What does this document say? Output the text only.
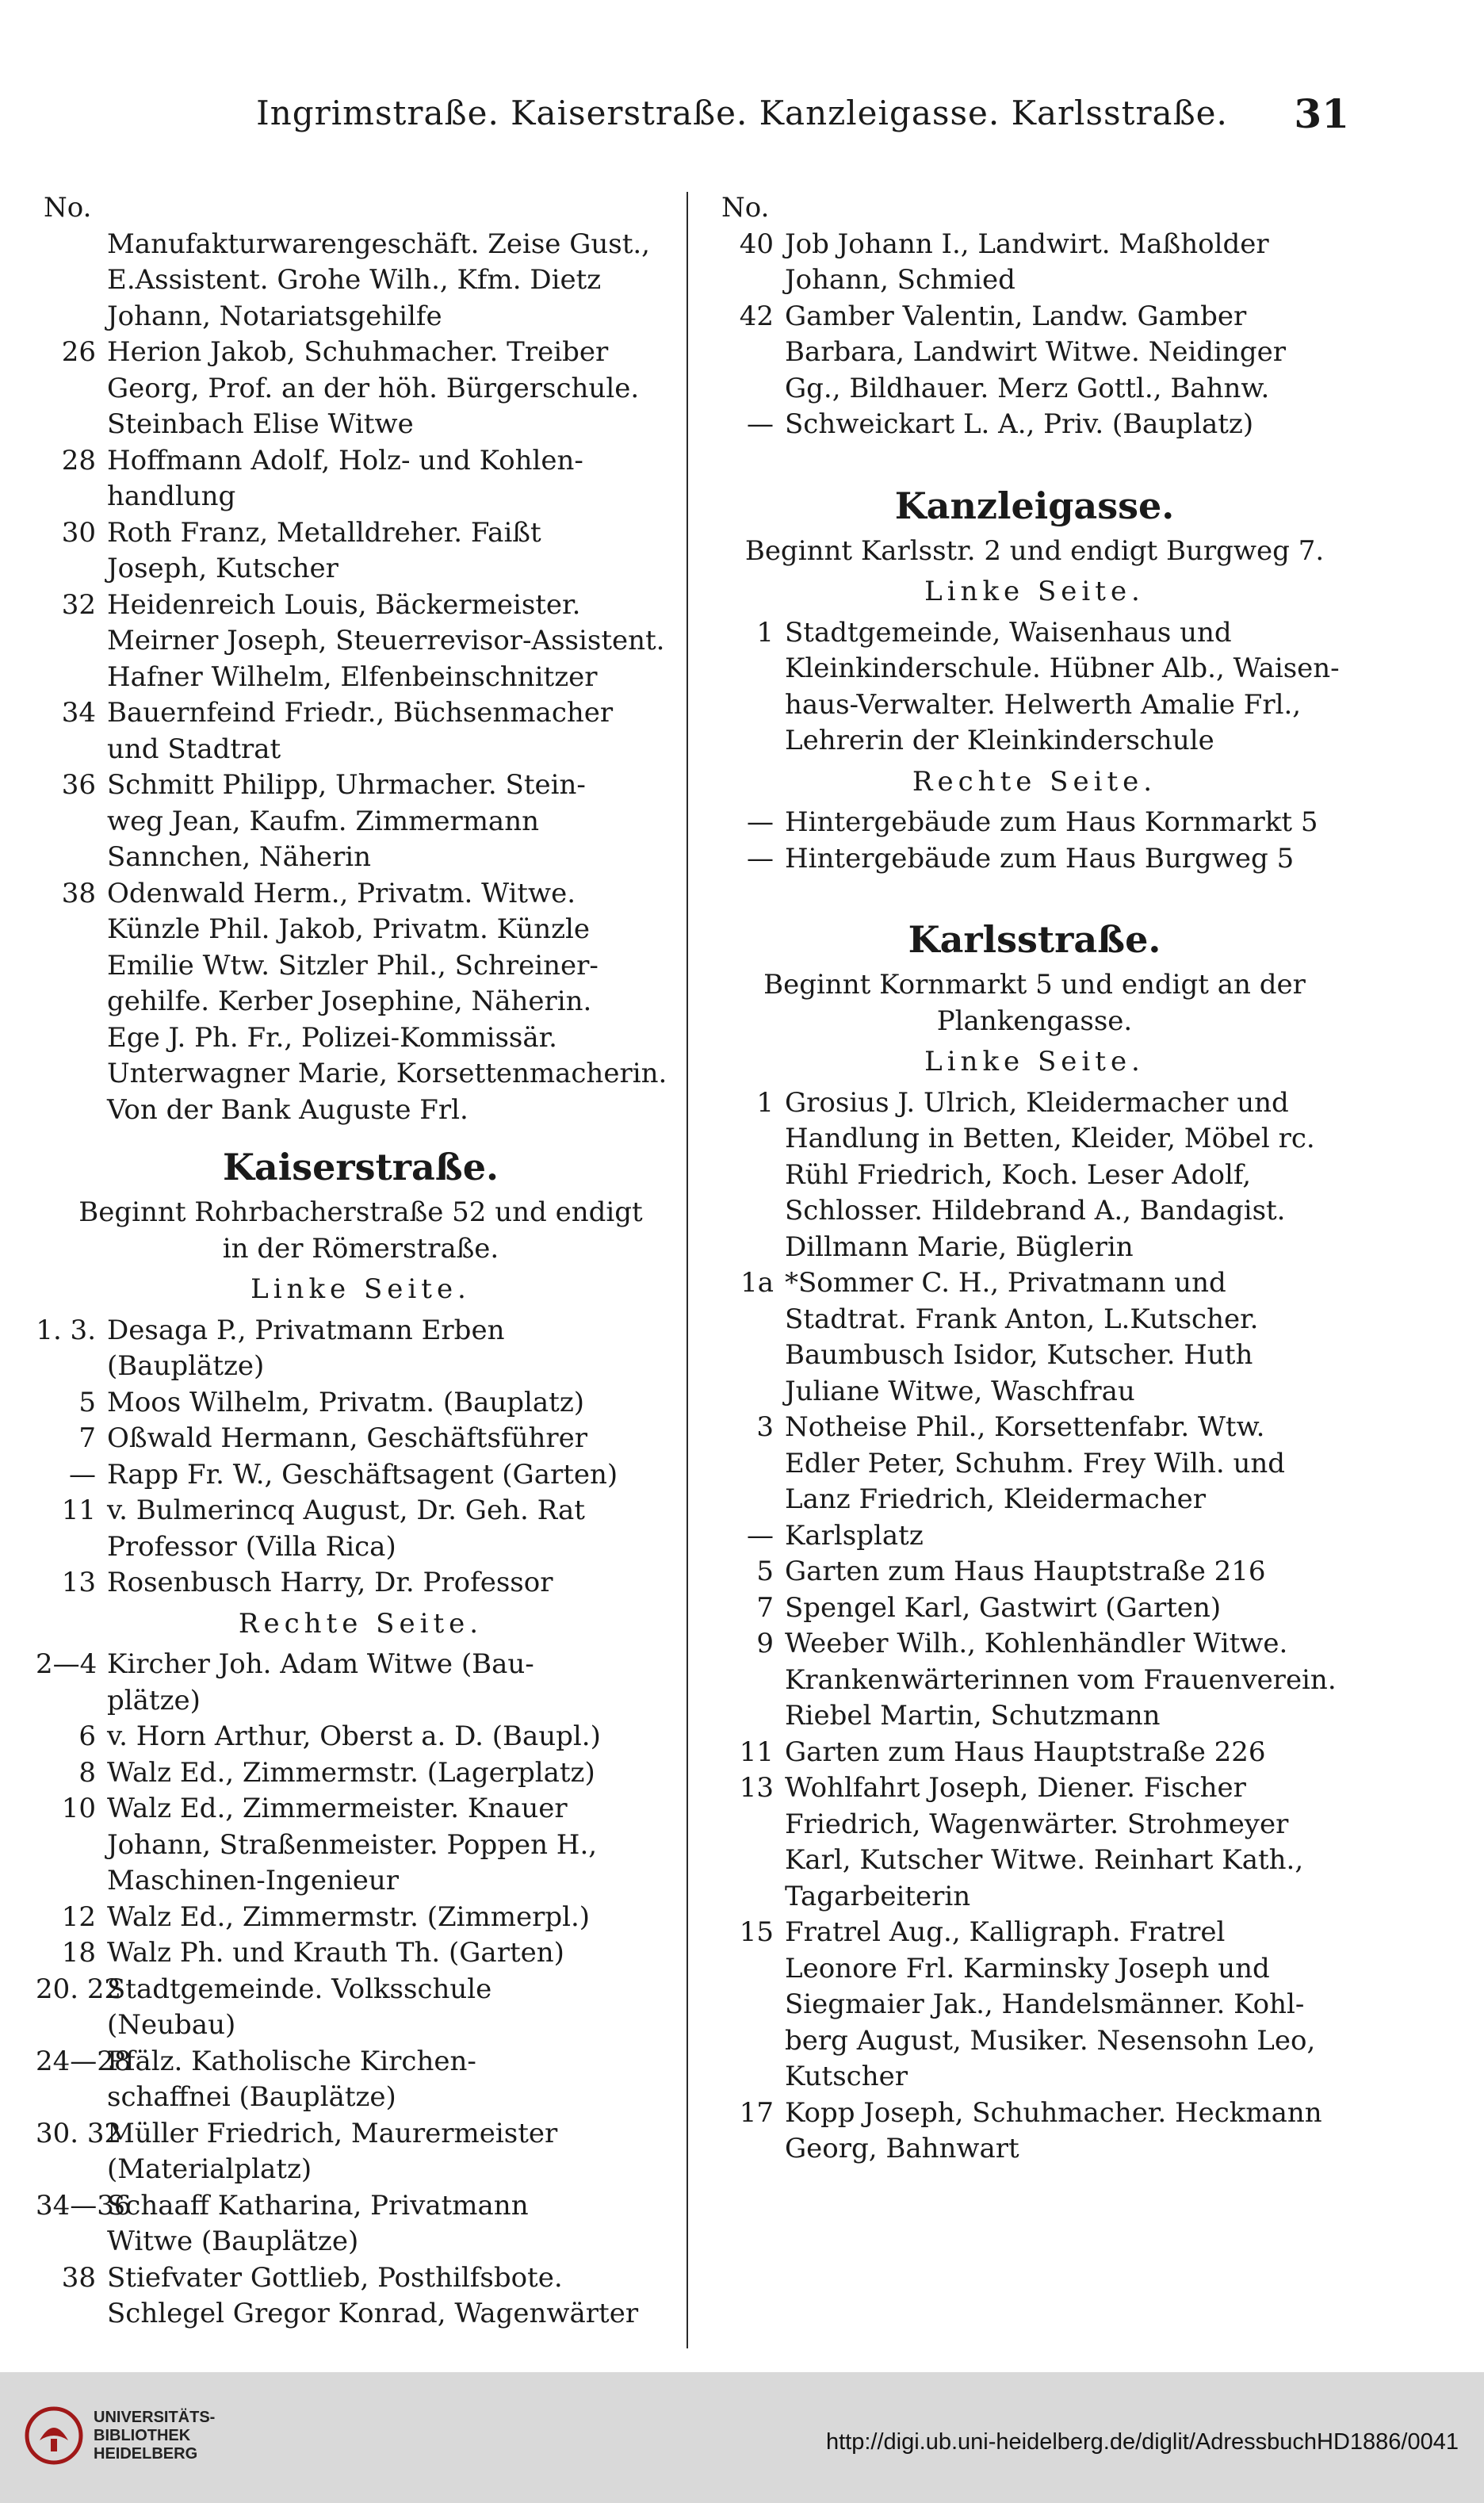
Ingrimstraße. Kaiserstraße. Kanzleigasse. Karlsstraße.	31
No.
Manufakturwarengeschäft. Zeise Gust.,
E.Assistent. Grohe Wilh., Kfm. Dietz
Johann, Notariatsgehilfe
26 Herion Jakob, Schuhmacher. Treiber
Georg, Prof. an der höh. Bürgerschule.
Steinbach Elise Witwe
28 Hoffmann Adolf, Holz- und Kohlen-
handlung
30 Roth Franz, Metalldreher. Faißt
Joseph, Kutscher
32 Heidenreich Louis, Bäckermeister.
Meirner Joseph, Steuerrevisor-Assistent.
Hafner Wilhelm, Elfenbeinschnitzer
34 Bauernfeind Friedr., Büchsenmacher
und Stadtrat
36 Schmitt Philipp, Uhrmacher. Stein-
weg Jean, Kaufm. Zimmermann
Sannchen, Näherin
38 Odenwald Herm., Privatm. Witwe.
Künzle Phil. Jakob, Privatm. Künzle
Emilie Wtw. Sitzler Phil., Schreiner-
gehilfe. Kerber Josephine, Näherin.
Ege J. Ph. Fr., Polizei-Kommissär.
Unterwagner Marie, Korsettenmacherin.
Von der Bank Auguste Frl.
Kaiserstraße.
Beginnt Rohrbacherstraße 52 und endigt
in der Römerstraße.
Linke Seite.
1. 3. Desaga P., Privatmann Erben
(Bauplätze)
5 Moos Wilhelm, Privatm. (Bauplatz)
7 Oßwald Hermann, Geschäftsführer
— Rapp Fr. W., Geschäftsagent (Garten)
11 v. Bulmerincq August, Dr. Geh. Rat
Professor (Villa Rica)
13 Rosenbusch Harry, Dr. Professor
Rechte Seite.
2—4 Kircher Joh. Adam Witwe (Bau-
plätze)
6 v. Horn Arthur, Oberst a. D. (Baupl.)
8 Walz Ed., Zimmermstr. (Lagerplatz)
10 Walz Ed., Zimmermeister. Knauer
Johann, Straßenmeister. Poppen H.,
Maschinen-Ingenieur
12 Walz Ed., Zimmermstr. (Zimmerpl.)
18 Walz Ph. und Krauth Th. (Garten)
20. 22
Stadtgemeinde. Volksschule
(Neubau)
24—28
Pfälz. Katholische Kirchen-
schaffnei (Bauplätze)
30. 32
Müller Friedrich, Maurermeister
(Materialplatz)
34—36
Schaaff Katharina, Privatmann
Witwe (Bauplätze)
38 Stiefvater Gottlieb, Posthilfsbote.
Schlegel Gregor Konrad, Wagenwärter
No.
40 Job Johann I., Landwirt. Maßholder
Johann, Schmied
42 Gamber Valentin, Landw. Gamber
Barbara, Landwirt Witwe. Neidinger
Gg., Bildhauer. Merz Gottl., Bahnw.
— Schweickart L. A., Priv. (Bauplatz)
Kanzleigasse.
Beginnt Karlsstr. 2 und endigt Burgweg 7.
Linke Seite.
1 Stadtgemeinde, Waisenhaus und
Kleinkinderschule. Hübner Alb., Waisen-
haus-Verwalter. Helwerth Amalie Frl.,
Lehrerin der Kleinkinderschule
Rechte Seite.
— Hintergebäude zum Haus Kornmarkt 5
— Hintergebäude zum Haus Burgweg 5
Karlsstraße.
Beginnt Kornmarkt 5 und endigt an der
Plankengasse.
Linke Seite.
1 Grosius J. Ulrich, Kleidermacher und
Handlung in Betten, Kleider, Möbel rc.
Rühl Friedrich, Koch. Leser Adolf,
Schlosser. Hildebrand A., Bandagist.
Dillmann Marie, Büglerin
1a *Sommer C. H., Privatmann und
Stadtrat. Frank Anton, L.Kutscher.
Baumbusch Isidor, Kutscher. Huth
Juliane Witwe, Waschfrau
3 Notheise Phil., Korsettenfabr. Wtw.
Edler Peter, Schuhm. Frey Wilh. und
Lanz Friedrich, Kleidermacher
— Karlsplatz
5 Garten zum Haus Hauptstraße 216
7 Spengel Karl, Gastwirt (Garten)
9 Weeber Wilh., Kohlenhändler Witwe.
Krankenwärterinnen vom Frauenverein.
Riebel Martin, Schutzmann
11 Garten zum Haus Hauptstraße 226
13 Wohlfahrt Joseph, Diener. Fischer
Friedrich, Wagenwärter. Strohmeyer
Karl, Kutscher Witwe. Reinhart Kath.,
Tagarbeiterin
15 Fratrel Aug., Kalligraph. Fratrel
Leonore Frl. Karminsky Joseph und
Siegmaier Jak., Handelsmänner. Kohl-
berg August, Musiker. Nesensohn Leo,
Kutscher
17 Kopp Joseph, Schuhmacher. Heckmann
Georg, Bahnwart
UNIVERSITÄTS-
BIBLIOTHEK
HEIDELBERG	http://digi.ub.uni-heidelberg.de/diglit/AdressbuchHD1886/0041
